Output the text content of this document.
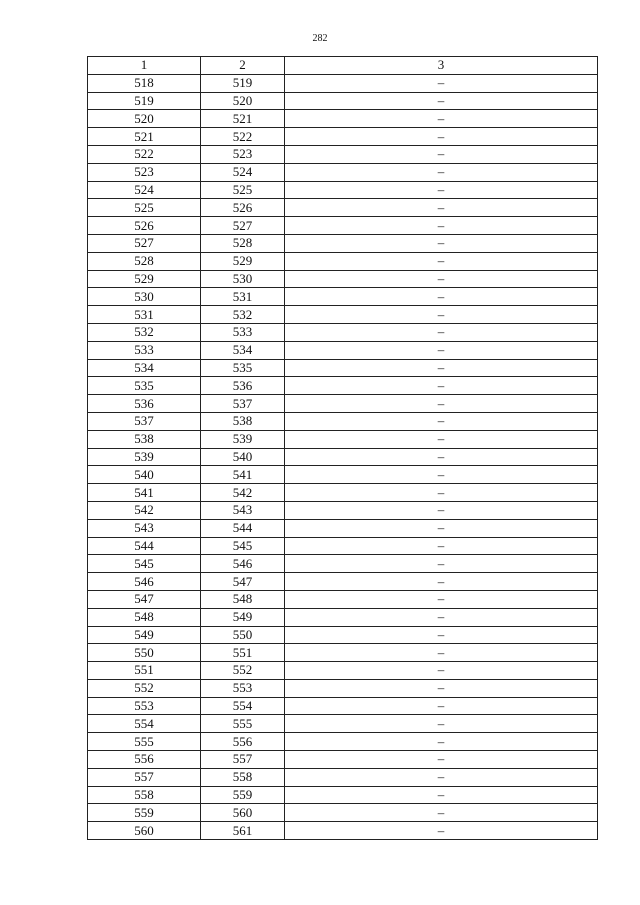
282
1	2	3
518	519	–
519	520	–
520	521	–
521	522	–
522	523	–
523	524	–
524	525	–
525	526	–
526	527	–
527	528	–
528	529	–
529	530	–
530	531	–
531	532	–
532	533	–
533	534	–
534	535	–
535	536	–
536	537	–
537	538	–
538	539	–
539	540	–
540	541	–
541	542	–
542	543	–
543	544	–
544	545	–
545	546	–
546	547	–
547	548	–
548	549	–
549	550	–
550	551	–
551	552	–
552	553	–
553	554	–
554	555	–
555	556	–
556	557	–
557	558	–
558	559	–
559	560	–
560	561	–
